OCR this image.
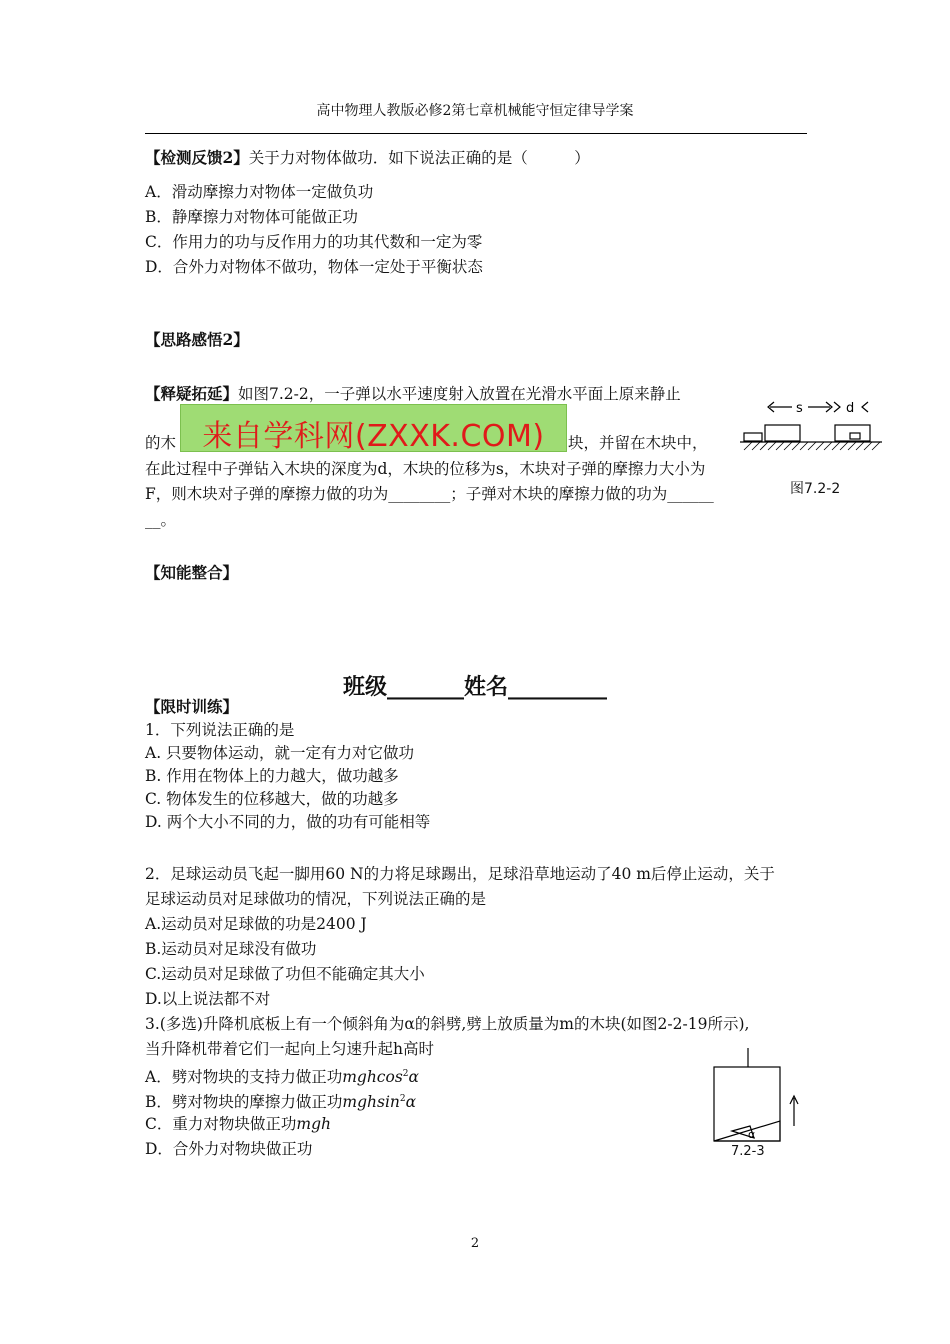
高中物理人教版必修2第七章机械能守恒定律导学案
【检测反馈2】关于力对物体做功．如下说法正确的是（　　　）
A．滑动摩擦力对物体一定做负功
B．静摩擦力对物体可能做正功
C．作用力的功与反作用力的功其代数和一定为零
D．合外力对物体不做功，物体一定处于平衡状态
【思路感悟2】
【释疑拓延】如图7.2-2，一子弹以水平速度射入放置在光滑水平面上原来静止
的木	块，并留在木块中，
来自学科网(ZXXK.COM)
在此过程中子弹钻入木块的深度为d，木块的位移为s，木块对子弹的摩擦力大小为
F，则木块对子弹的摩擦力做的功为________；子弹对木块的摩擦力做的功为______
__。
s	d
图7.2-2
【知能整合】
班级_______姓名_________
【限时训练】
1．下列说法正确的是
A. 只要物体运动，就一定有力对它做功
B. 作用在物体上的力越大，做功越多
C. 物体发生的位移越大，做的功越多
D. 两个大小不同的力，做的功有可能相等
2．足球运动员飞起一脚用60 N的力将足球踢出，足球沿草地运动了40 m后停止运动，关于
足球运动员对足球做功的情况，下列说法正确的是
A.运动员对足球做的功是2400 J
B.运动员对足球没有做功
C.运动员对足球做了功但不能确定其大小
D.以上说法都不对
3.(多选)升降机底板上有一个倾斜角为α的斜劈,劈上放质量为m的木块(如图2-2-19所示),
当升降机带着它们一起向上匀速升起h高时
A．劈对物块的支持力做正功mghcos$^2$α
B．劈对物块的摩擦力做正功mghsin$^2$α
C．重力对物块做正功mgh
D．合外力对物块做正功
α
7.2-3
2
